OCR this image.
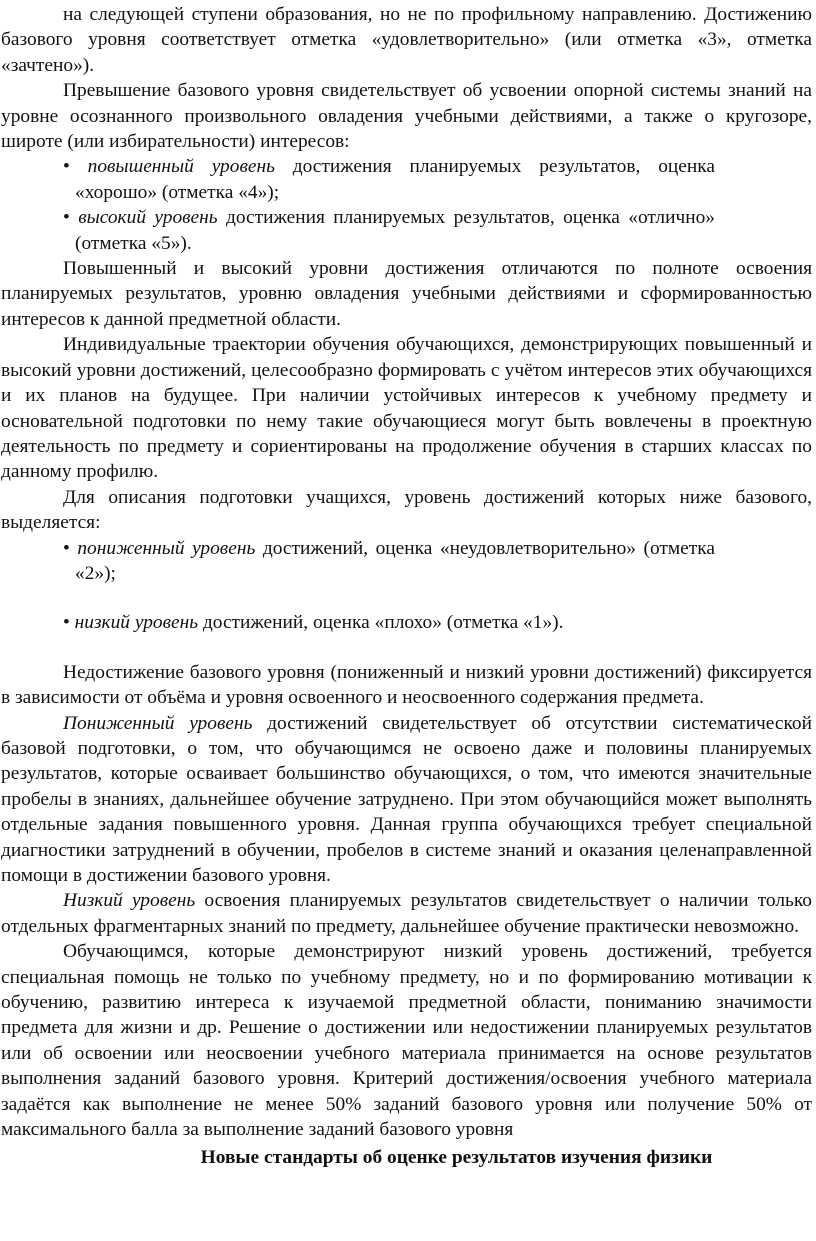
на следующей ступени образования, но не по профильному направлению. Достижению базового уровня соответствует отметка «удовлетворительно» (или отметка «3», отметка «зачтено»).

Превышение базового уровня свидетельствует об усвоении опорной системы знаний на уровне осознанного произвольного овладения учебными действиями, а также о кругозоре, широте (или избирательности) интересов:

• повышенный уровень достижения планируемых результатов, оценка «хорошо» (отметка «4»);

• высокий уровень достижения планируемых результатов, оценка «отлично» (отметка «5»).

Повышенный и высокий уровни достижения отличаются по полноте освоения планируемых результатов, уровню овладения учебными действиями и сформированностью интересов к данной предметной области.

Индивидуальные траектории обучения обучающихся, демонстрирующих повышенный и высокий уровни достижений, целесообразно формировать с учётом интересов этих обучающихся и их планов на будущее. При наличии устойчивых интересов к учебному предмету и основательной подготовки по нему такие обучающиеся могут быть вовлечены в проектную деятельность по предмету и сориентированы на продолжение обучения в старших классах по данному профилю.

Для описания подготовки учащихся, уровень достижений которых ниже базового, выделяется:

• пониженный уровень достижений, оценка «неудовлетворительно» (отметка «2»);

• низкий уровень достижений, оценка «плохо» (отметка «1»).

Недостижение базового уровня (пониженный и низкий уровни достижений) фиксируется в зависимости от объёма и уровня освоенного и неосвоенного содержания предмета.

Пониженный уровень достижений свидетельствует об отсутствии систематической базовой подготовки, о том, что обучающимся не освоено даже и половины планируемых результатов, которые осваивает большинство обучающихся, о том, что имеются значительные пробелы в знаниях, дальнейшее обучение затруднено. При этом обучающийся может выполнять отдельные задания повышенного уровня. Данная группа обучающихся требует специальной диагностики затруднений в обучении, пробелов в системе знаний и оказания целенаправленной помощи в достижении базового уровня.

Низкий уровень освоения планируемых результатов свидетельствует о наличии только отдельных фрагментарных знаний по предмету, дальнейшее обучение практически невозможно.

Обучающимся, которые демонстрируют низкий уровень достижений, требуется специальная помощь не только по учебному предмету, но и по формированию мотивации к обучению, развитию интереса к изучаемой предметной области, пониманию значимости предмета для жизни и др. Решение о достижении или недостижении планируемых результатов или об освоении или неосвоении учебного материала принимается на основе результатов выполнения заданий базового уровня. Критерий достижения/освоения учебного материала задаётся как выполнение не менее 50% заданий базового уровня или получение 50% от максимального балла за выполнение заданий базового уровня

Новые стандарты об оценке результатов изучения физики
